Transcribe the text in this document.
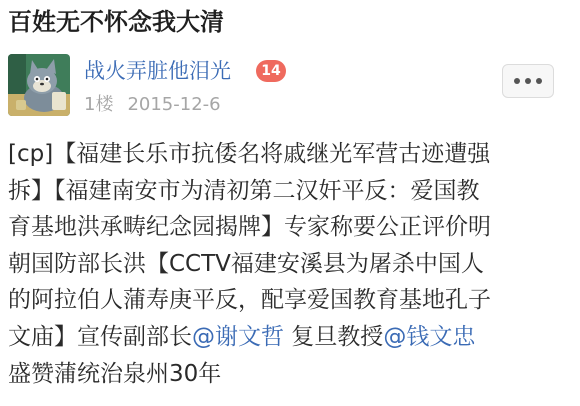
百姓无不怀念我大清
战火弄脏他泪光	14
1楼 2015-12-6
[cp]【福建长乐市抗倭名将戚继光军营古迹遭强
拆】【福建南安市为清初第二汉奸平反：爱国教
育基地洪承畴纪念园揭牌】专家称要公正评价明
朝国防部长洪【CCTV福建安溪县为屠杀中国人
的阿拉伯人蒲寿庚平反，配享爱国教育基地孔子
文庙】宣传副部长@谢文哲 复旦教授@钱文忠
盛赞蒲统治泉州30年
